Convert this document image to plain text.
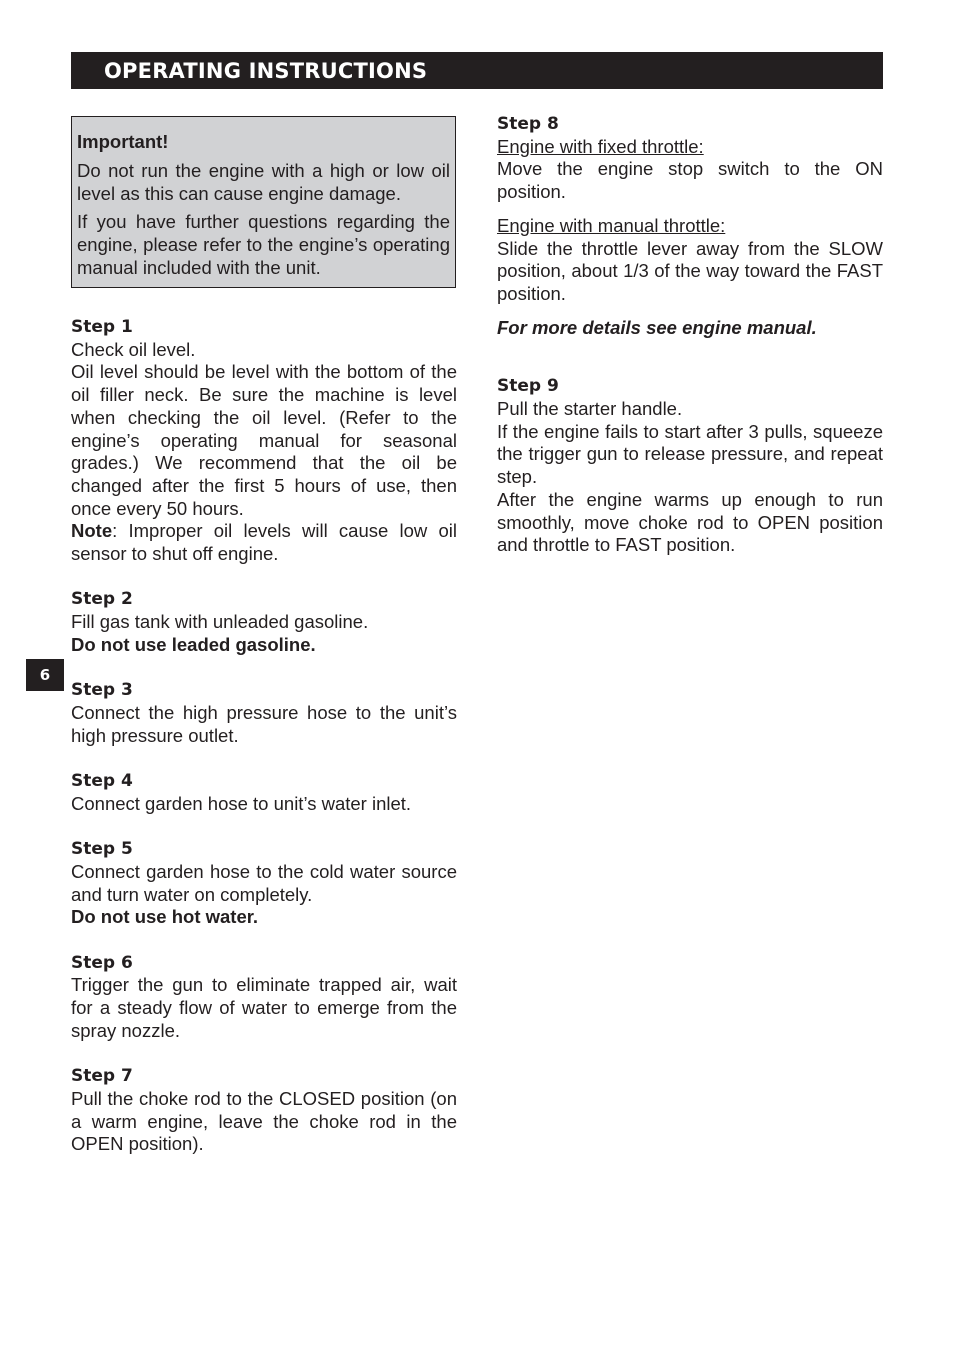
OPERATING INSTRUCTIONS
Important!

Do not run the engine with a high or low oil level as this can cause engine damage.

If you have further questions regarding the engine, please refer to the engine’s operating manual included with the unit.

Step 1
Check oil level.
Oil level should be level with the bottom of the oil filler neck. Be sure the machine is level when checking the oil level. (Refer to the engine’s operating manual for seasonal grades.) We recommend that the oil be changed after the first 5 hours of use, then once every 50 hours.
Note: Improper oil levels will cause low oil sensor to shut off engine.
Step 2
Fill gas tank with unleaded gasoline.
Do not use leaded gasoline.
Step 3
Connect the high pressure hose to the unit’s high pressure outlet.
Step 4
Connect garden hose to unit’s water inlet.
Step 5
Connect garden hose to the cold water source and turn water on completely.
Do not use hot water.
Step 6
Trigger the gun to eliminate trapped air, wait for a steady flow of water to emerge from the spray nozzle.
Step 7
Pull the choke rod to the CLOSED position (on a warm engine, leave the choke rod in the OPEN position).
Step 8
Engine with fixed throttle:
Move the engine stop switch to the ON position.
Engine with manual throttle:
Slide the throttle lever away from the SLOW position, about 1/3 of the way toward the FAST position.
For more details see engine manual.
Step 9
Pull the starter handle.
If the engine fails to start after 3 pulls, squeeze the trigger gun to release pressure, and repeat step.
After the engine warms up enough to run smoothly, move choke rod to OPEN position and throttle to FAST position.
6
